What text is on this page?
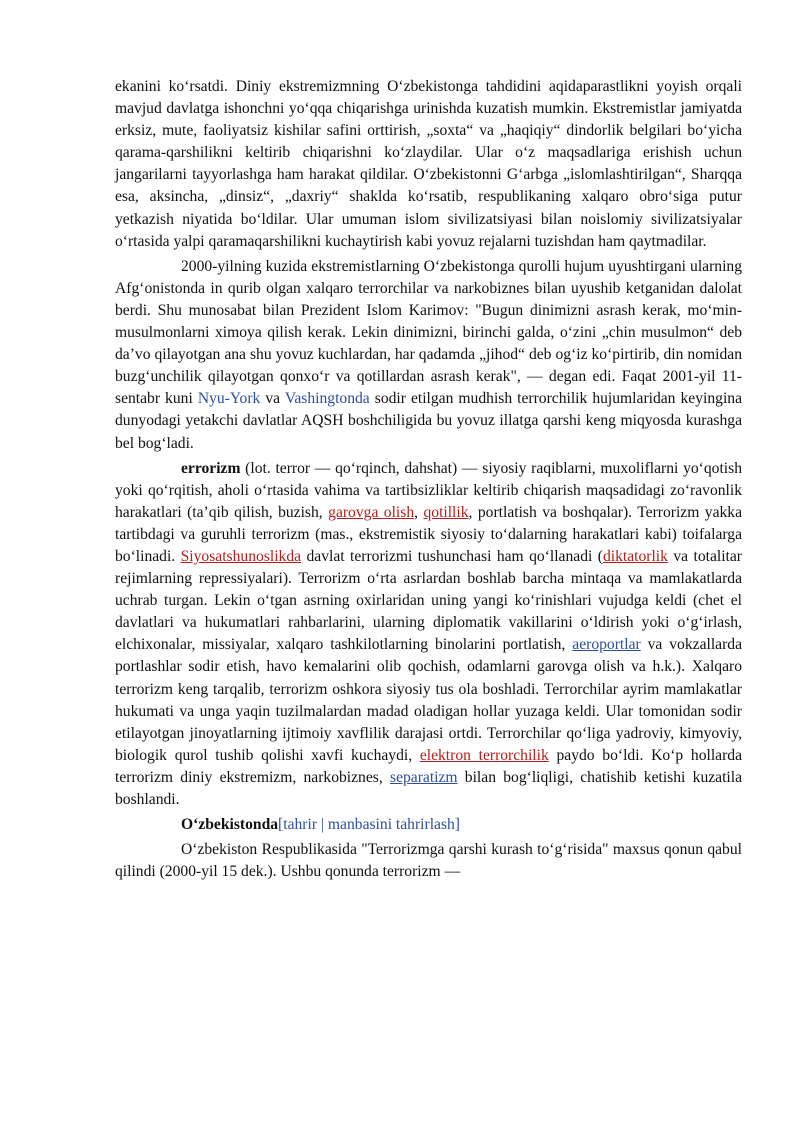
ekanini ko‘rsatdi. Diniy ekstremizmning O‘zbekistonga tahdidini aqidaparastlikni yoyish orqali mavjud davlatga ishonchni yo‘qqa chiqarishga urinishda kuzatish mumkin. Ekstremistlar jamiyatda erksiz, mute, faoliyatsiz kishilar safini orttirish, „soxta“ va „haqiqiy“ dindorlik belgilari bo‘yicha qarama-qarshilikni keltirib chiqarishni ko‘zlaydilar. Ular o‘z maqsadlariga erishish uchun jangarilarni tayyorlashga ham harakat qildilar. O‘zbekistonni G‘arbga „islomlashtirilgan“, Sharqqa esa, aksincha, „dinsiz“, „daxriy“ shaklda ko‘rsatib, respublikaning xalqaro obro‘siga putur yetkazish niyatida bo‘ldilar. Ular umuman islom sivilizatsiyasi bilan noislomiy sivilizatsiyalar o‘rtasida yalpi qaramaqarshilikni kuchaytirish kabi yovuz rejalarni tuzishdan ham qaytmadilar.

2000-yilning kuzida ekstremistlarning O‘zbekistonga qurolli hujum uyushtirgani ularning Afg‘onistonda in qurib olgan xalqaro terrorchilar va narkobiznes bilan uyushib ketganidan dalolat berdi. Shu munosabat bilan Prezident Islom Karimov: "Bugun dinimizni asrash kerak, mo‘min-musulmonlarni ximoya qilish kerak. Lekin dinimizni, birinchi galda, o‘zini „chin musulmon“ deb da’vo qilayotgan ana shu yovuz kuchlardan, har qadamda „jihod“ deb og‘iz ko‘pirtirib, din nomidan buzg‘unchilik qilayotgan qonxo‘r va qotillardan asrash kerak", — degan edi. Faqat 2001-yil 11-sentabr kuni Nyu-York va Vashingtonda sodir etilgan mudhish terrorchilik hujumlaridan keyingina dunyodagi yetakchi davlatlar AQSH boshchiligida bu yovuz illatga qarshi keng miqyosda kurashga bel bog‘ladi.

errorizm (lot. terror — qo‘rqinch, dahshat) — siyosiy raqiblarni, muxoliflarni yo‘qotish yoki qo‘rqitish, aholi o‘rtasida vahima va tartibsizliklar keltirib chiqarish maqsadidagi zo‘ravonlik harakatlari (ta’qib qilish, buzish, garovga olish, qotillik, portlatish va boshqalar). Terrorizm yakka tartibdagi va guruhli terrorizm (mas., ekstremistik siyosiy to‘dalarning harakatlari kabi) toifalarga bo‘linadi. Siyosatshunoslikda davlat terrorizmi tushunchasi ham qo‘llanadi (diktatorlik va totalitar rejimlarning repressiyalari). Terrorizm o‘rta asrlardan boshlab barcha mintaqa va mamlakatlarda uchrab turgan. Lekin o‘tgan asrning oxirlaridan uning yangi ko‘rinishlari vujudga keldi (chet el davlatlari va hukumatlari rahbarlarini, ularning diplomatik vakillarini o‘ldirish yoki o‘g‘irlash, elchixonalar, missiyalar, xalqaro tashkilotlarning binolarini portlatish, aeroportlar va vokzallarda portlashlar sodir etish, havo kemalarini olib qochish, odamlarni garovga olish va h.k.). Xalqaro terrorizm keng tarqalib, terrorizm oshkora siyosiy tus ola boshladi. Terrorchilar ayrim mamlakatlar hukumati va unga yaqin tuzilmalardan madad oladigan hollar yuzaga keldi. Ular tomonidan sodir etilayotgan jinoyatlarning ijtimoiy xavflilik darajasi ortdi. Terrorchilar qo‘liga yadroviy, kimyoviy, biologik qurol tushib qolishi xavfi kuchaydi, elektron terrorchilik paydo bo‘ldi. Ko‘p hollarda terrorizm diniy ekstremizm, narkobiznes, separatizm bilan bog‘liqligi, chatishib ketishi kuzatila boshlandi.

O‘zbekistonda[tahrir | manbasini tahrirlash]

O‘zbekiston Respublikasida "Terrorizmga qarshi kurash to‘g‘risida" maxsus qonun qabul qilindi (2000-yil 15 dek.). Ushbu qonunda terrorizm —
